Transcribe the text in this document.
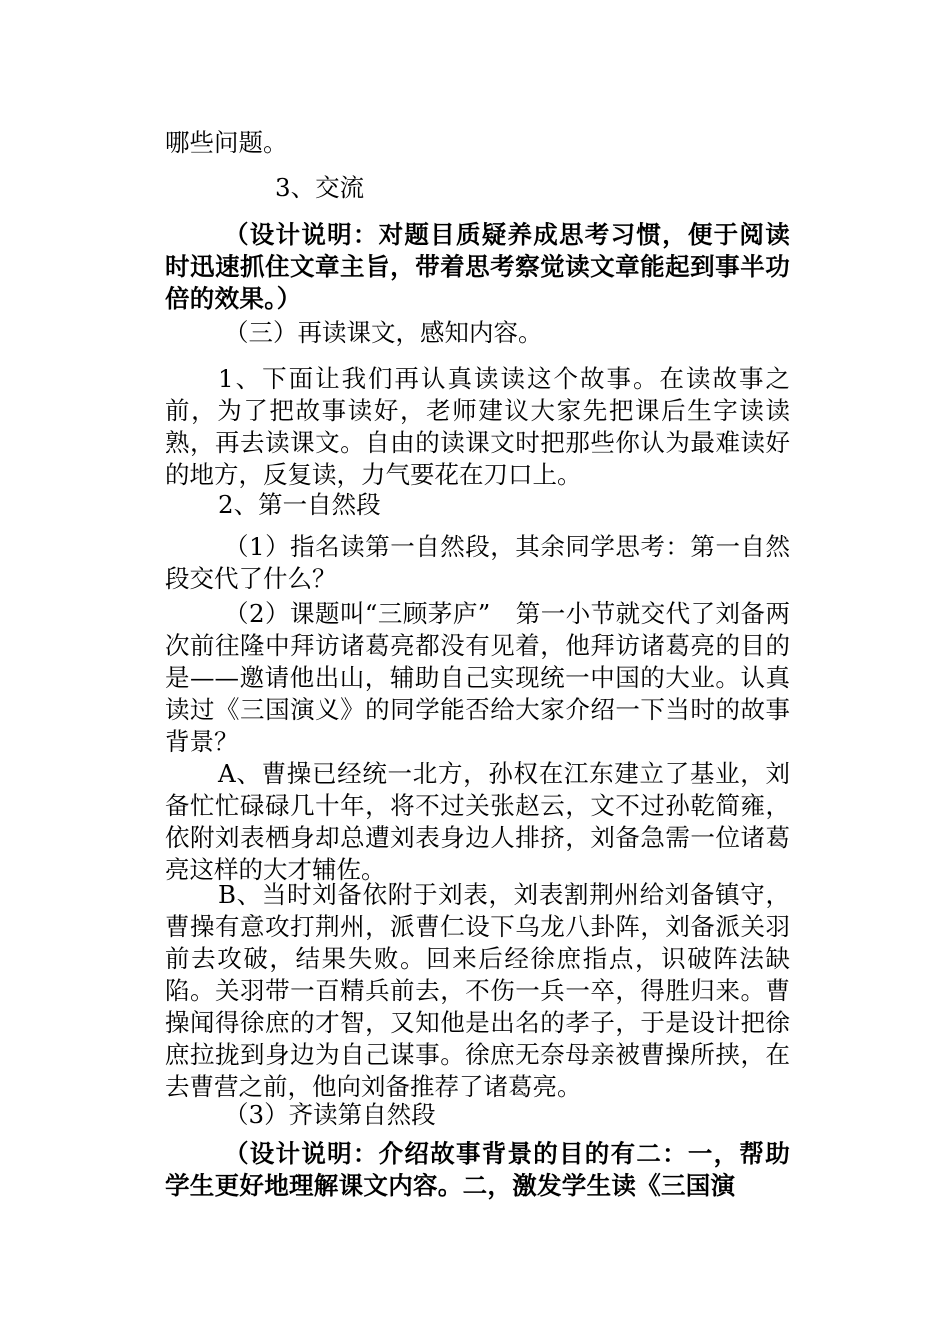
哪些问题。

3、交流

（设计说明：对题目质疑养成思考习惯，便于阅读时迅速抓住文章主旨，带着思考察觉读文章能起到事半功倍的效果。）

（三）再读课文，感知内容。

1、下面让我们再认真读读这个故事。在读故事之前，为了把故事读好，老师建议大家先把课后生字读读熟，再去读课文。自由的读课文时把那些你认为最难读好的地方，反复读，力气要花在刀口上。

2、第一自然段

（1）指名读第一自然段，其余同学思考：第一自然段交代了什么？

（2）课题叫“三顾茅庐”　第一小节就交代了刘备两次前往隆中拜访诸葛亮都没有见着，他拜访诸葛亮的目的是——邀请他出山，辅助自己实现统一中国的大业。认真读过《三国演义》的同学能否给大家介绍一下当时的故事背景？

A、曹操已经统一北方，孙权在江东建立了基业，刘备忙忙碌碌几十年，将不过关张赵云，文不过孙乾简雍，依附刘表栖身却总遭刘表身边人排挤，刘备急需一位诸葛亮这样的大才辅佐。

B、当时刘备依附于刘表，刘表割荆州给刘备镇守，曹操有意攻打荆州，派曹仁设下乌龙八卦阵，刘备派关羽前去攻破，结果失败。回来后经徐庶指点，识破阵法缺陷。关羽带一百精兵前去，不伤一兵一卒，得胜归来。曹操闻得徐庶的才智，又知他是出名的孝子，于是设计把徐庶拉拢到身边为自己谋事。徐庶无奈母亲被曹操所挟，在去曹营之前，他向刘备推荐了诸葛亮。

（3）齐读第自然段

（设计说明：介绍故事背景的目的有二：一，帮助学生更好地理解课文内容。二，激发学生读《三国演
